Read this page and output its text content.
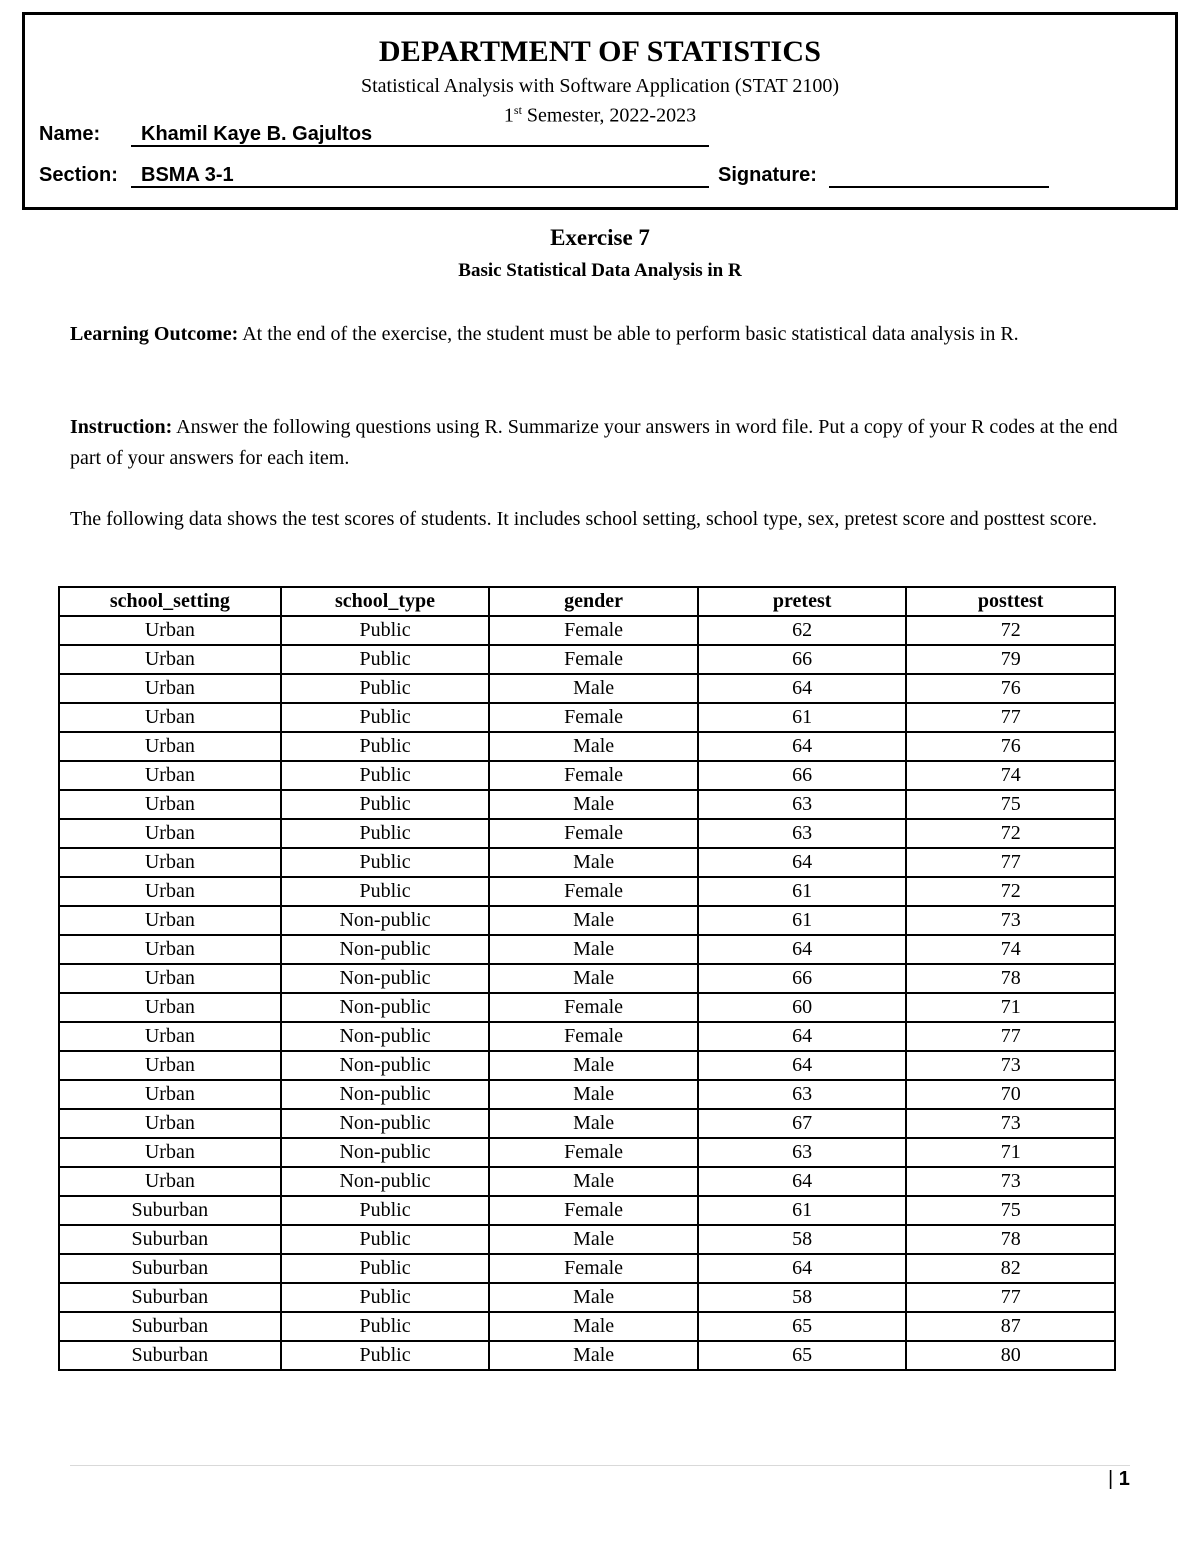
DEPARTMENT OF STATISTICS
Statistical Analysis with Software Application (STAT 2100)
1st Semester, 2022-2023
Name:	Khamil Kaye B. Gajultos
Section:	BSMA 3-1	Signature:
Exercise 7
Basic Statistical Data Analysis in R
Learning Outcome: At the end of the exercise, the student must be able to perform basic statistical data analysis in R.
Instruction: Answer the following questions using R. Summarize your answers in word file. Put a copy of your R codes at the end part of your answers for each item.
The following data shows the test scores of students. It includes school setting, school type, sex, pretest score and posttest score.
school_setting	school_type	gender	pretest	posttest
Urban	Public	Female	62	72
Urban	Public	Female	66	79
Urban	Public	Male	64	76
Urban	Public	Female	61	77
Urban	Public	Male	64	76
Urban	Public	Female	66	74
Urban	Public	Male	63	75
Urban	Public	Female	63	72
Urban	Public	Male	64	77
Urban	Public	Female	61	72
Urban	Non-public	Male	61	73
Urban	Non-public	Male	64	74
Urban	Non-public	Male	66	78
Urban	Non-public	Female	60	71
Urban	Non-public	Female	64	77
Urban	Non-public	Male	64	73
Urban	Non-public	Male	63	70
Urban	Non-public	Male	67	73
Urban	Non-public	Female	63	71
Urban	Non-public	Male	64	73
Suburban	Public	Female	61	75
Suburban	Public	Male	58	78
Suburban	Public	Female	64	82
Suburban	Public	Male	58	77
Suburban	Public	Male	65	87
Suburban	Public	Male	65	80
| 1
